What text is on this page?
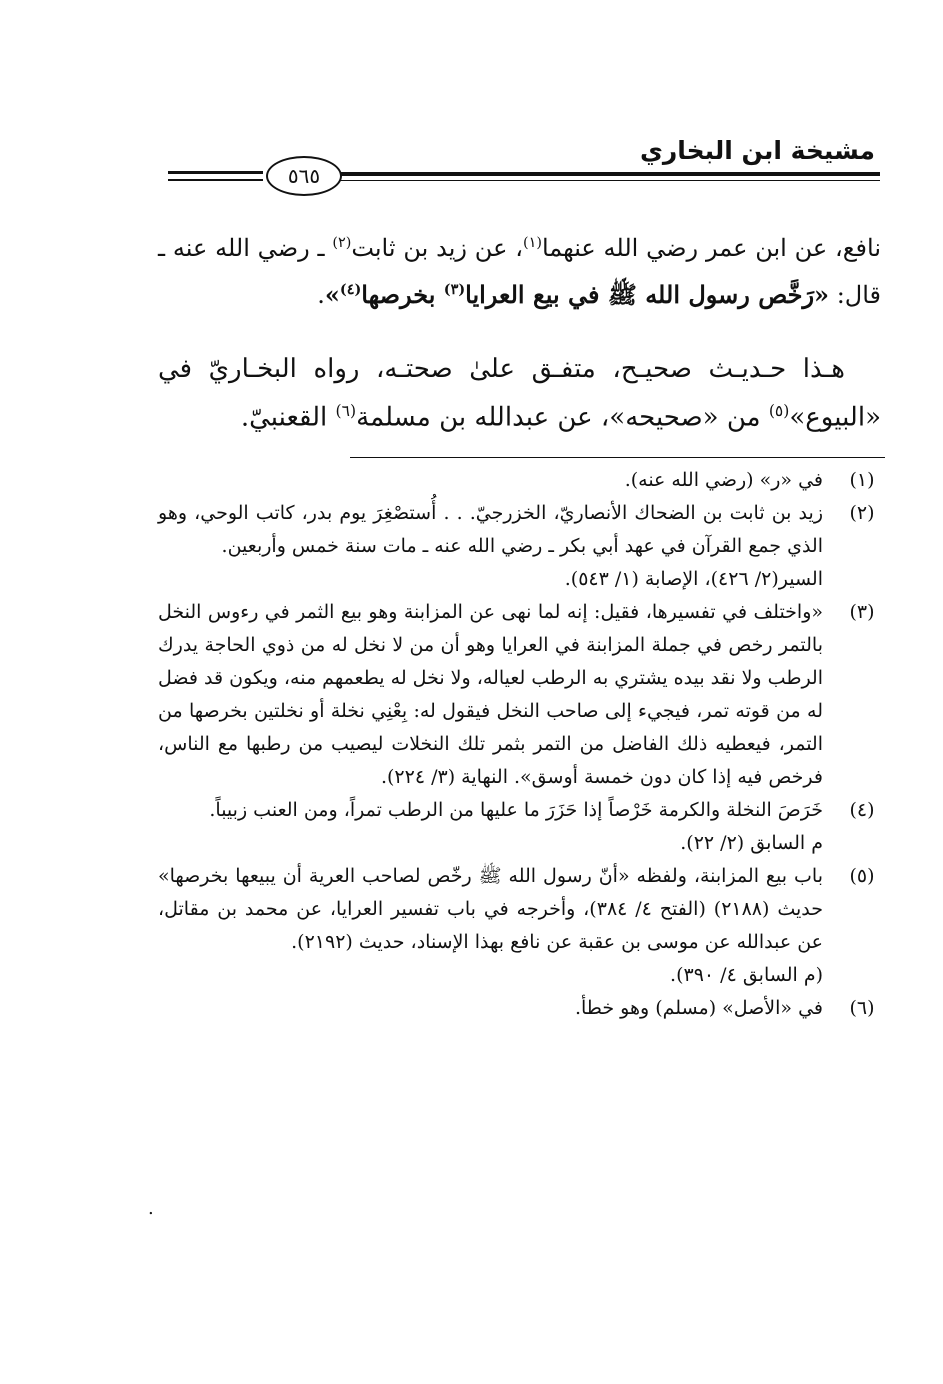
مشيخة ابن البخاري
٥٦٥

نافع، عن ابن عمر رضي الله عنهما$^{(١)}$، عن زيد بن ثابت$^{(٢)}$ ـ رضي الله عنه ـ قال: «رَخَّص رسول الله ﷺ في بيع العرايا$^{(٣)}$ بخرصها$^{(٤)}$».

هـذا حـديـث صحيـح، متفـق علىٰ صحتـه، رواه البخـاريّ في «البيوع»$^{(٥)}$ من «صحيحه»، عن عبدالله بن مسلمة$^{(٦)}$ القعنبيّ.

(١)
في «ر» (رضي الله عنه).
(٢)
زيد بن ثابت بن الضحاك الأنصاريّ، الخزرجيّ. . . أُستصْغِرَ يوم بدر، كاتب الوحي، وهو الذي جمع القرآن في عهد أبي بكر ـ رضي الله عنه ـ مات سنة خمس وأربعين.
السير(٢/ ٤٢٦)، الإصابة (١/ ٥٤٣).
(٣)
«واختلف في تفسيرها، فقيل: إنه لما نهى عن المزابنة وهو بيع الثمر في رءوس النخل بالتمر رخص في جملة المزابنة في العرايا وهو أن من لا نخل له من ذوي الحاجة يدرك الرطب ولا نقد بيده يشتري به الرطب لعياله، ولا نخل له يطعمهم منه، ويكون قد فضل له من قوته تمر، فيجيء إلى صاحب النخل فيقول له: بِعْنِي نخلة أو نخلتين بخرصها من التمر، فيعطيه ذلك الفاضل من التمر بثمر تلك النخلات ليصيب من رطبها مع الناس، فرخص فيه إذا كان دون خمسة أوسق». النهاية (٣/ ٢٢٤).
(٤)
خَرَصَ النخلة والكرمة خَرْصاً إذا حَزَرَ ما عليها من الرطب تمراً، ومن العنب زبيباً.
م السابق (٢/ ٢٢).
(٥)
باب بيع المزابنة، ولفظه «أنّ رسول الله ﷺ رخّص لصاحب العرية أن يبيعها بخرصها» حديث (٢١٨٨) (الفتح ٤/ ٣٨٤)، وأخرجه في باب تفسير العرايا، عن محمد بن مقاتل، عن عبدالله عن موسى بن عقبة عن نافع بهذا الإسناد، حديث (٢١٩٢).
(م السابق ٤/ ٣٩٠).
(٦)
في «الأصل» (مسلم) وهو خطأ.
.
